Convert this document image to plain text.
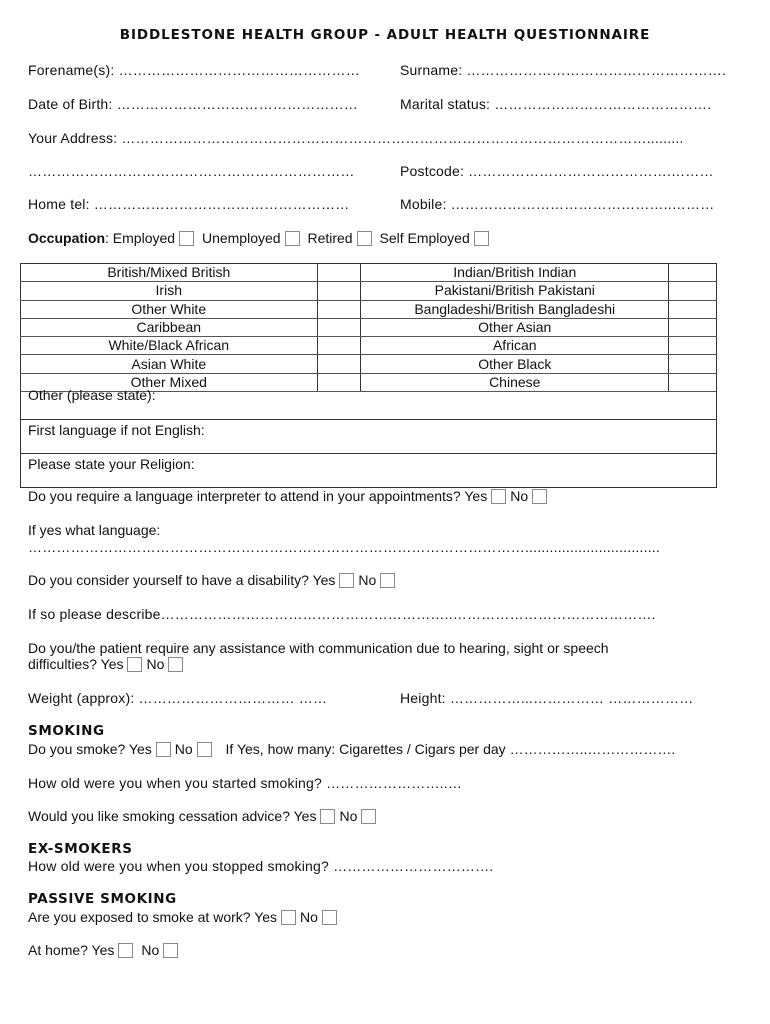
BIDDLESTONE HEALTH GROUP - ADULT HEALTH QUESTIONNAIRE
Forename(s): ……………………………………………	Surname: ……………………………………………….
Date of Birth: ……………………………………………	Marital status: ……………………………………….
Your Address: ………………………………………………………………………………………………….........
……………………………………………………………	Postcode: …………………………………….………
Home tel: ………………………………………………	Mobile: ………………………………………..………
Occupation: Employed Unemployed Retired Self Employed
British/Mixed British		Indian/British Indian	
Irish		Pakistani/British Pakistani	
Other White		Bangladeshi/British Bangladeshi	
Caribbean		Other Asian	
White/Black African		African	
Asian White		Other Black	
Other Mixed		Chinese	
Other (please state):
First language if not English:
Please state your Religion:
Do you require a language interpreter to attend in your appointments? Yes No
If yes what language:
…………………………………………………………………………………………….................................
Do you consider yourself to have a disability? Yes No
If so please describe……………………………………………………..…………………………………….
Do you/the patient require any assistance with communication due to hearing, sight or speech
difficulties? Yes No
Weight (approx): …………………………… ……	Height: ……………...…………… ………………
SMOKING
Do you smoke? Yes No If Yes, how many: Cigarettes / Cigars per day ……………..……………….
How old were you when you started smoking? ……………………..…
Would you like smoking cessation advice? Yes No
EX-SMOKERS
How old were you when you stopped smoking? …………………………….
PASSIVE SMOKING
Are you exposed to smoke at work? Yes No
At home? Yes No
